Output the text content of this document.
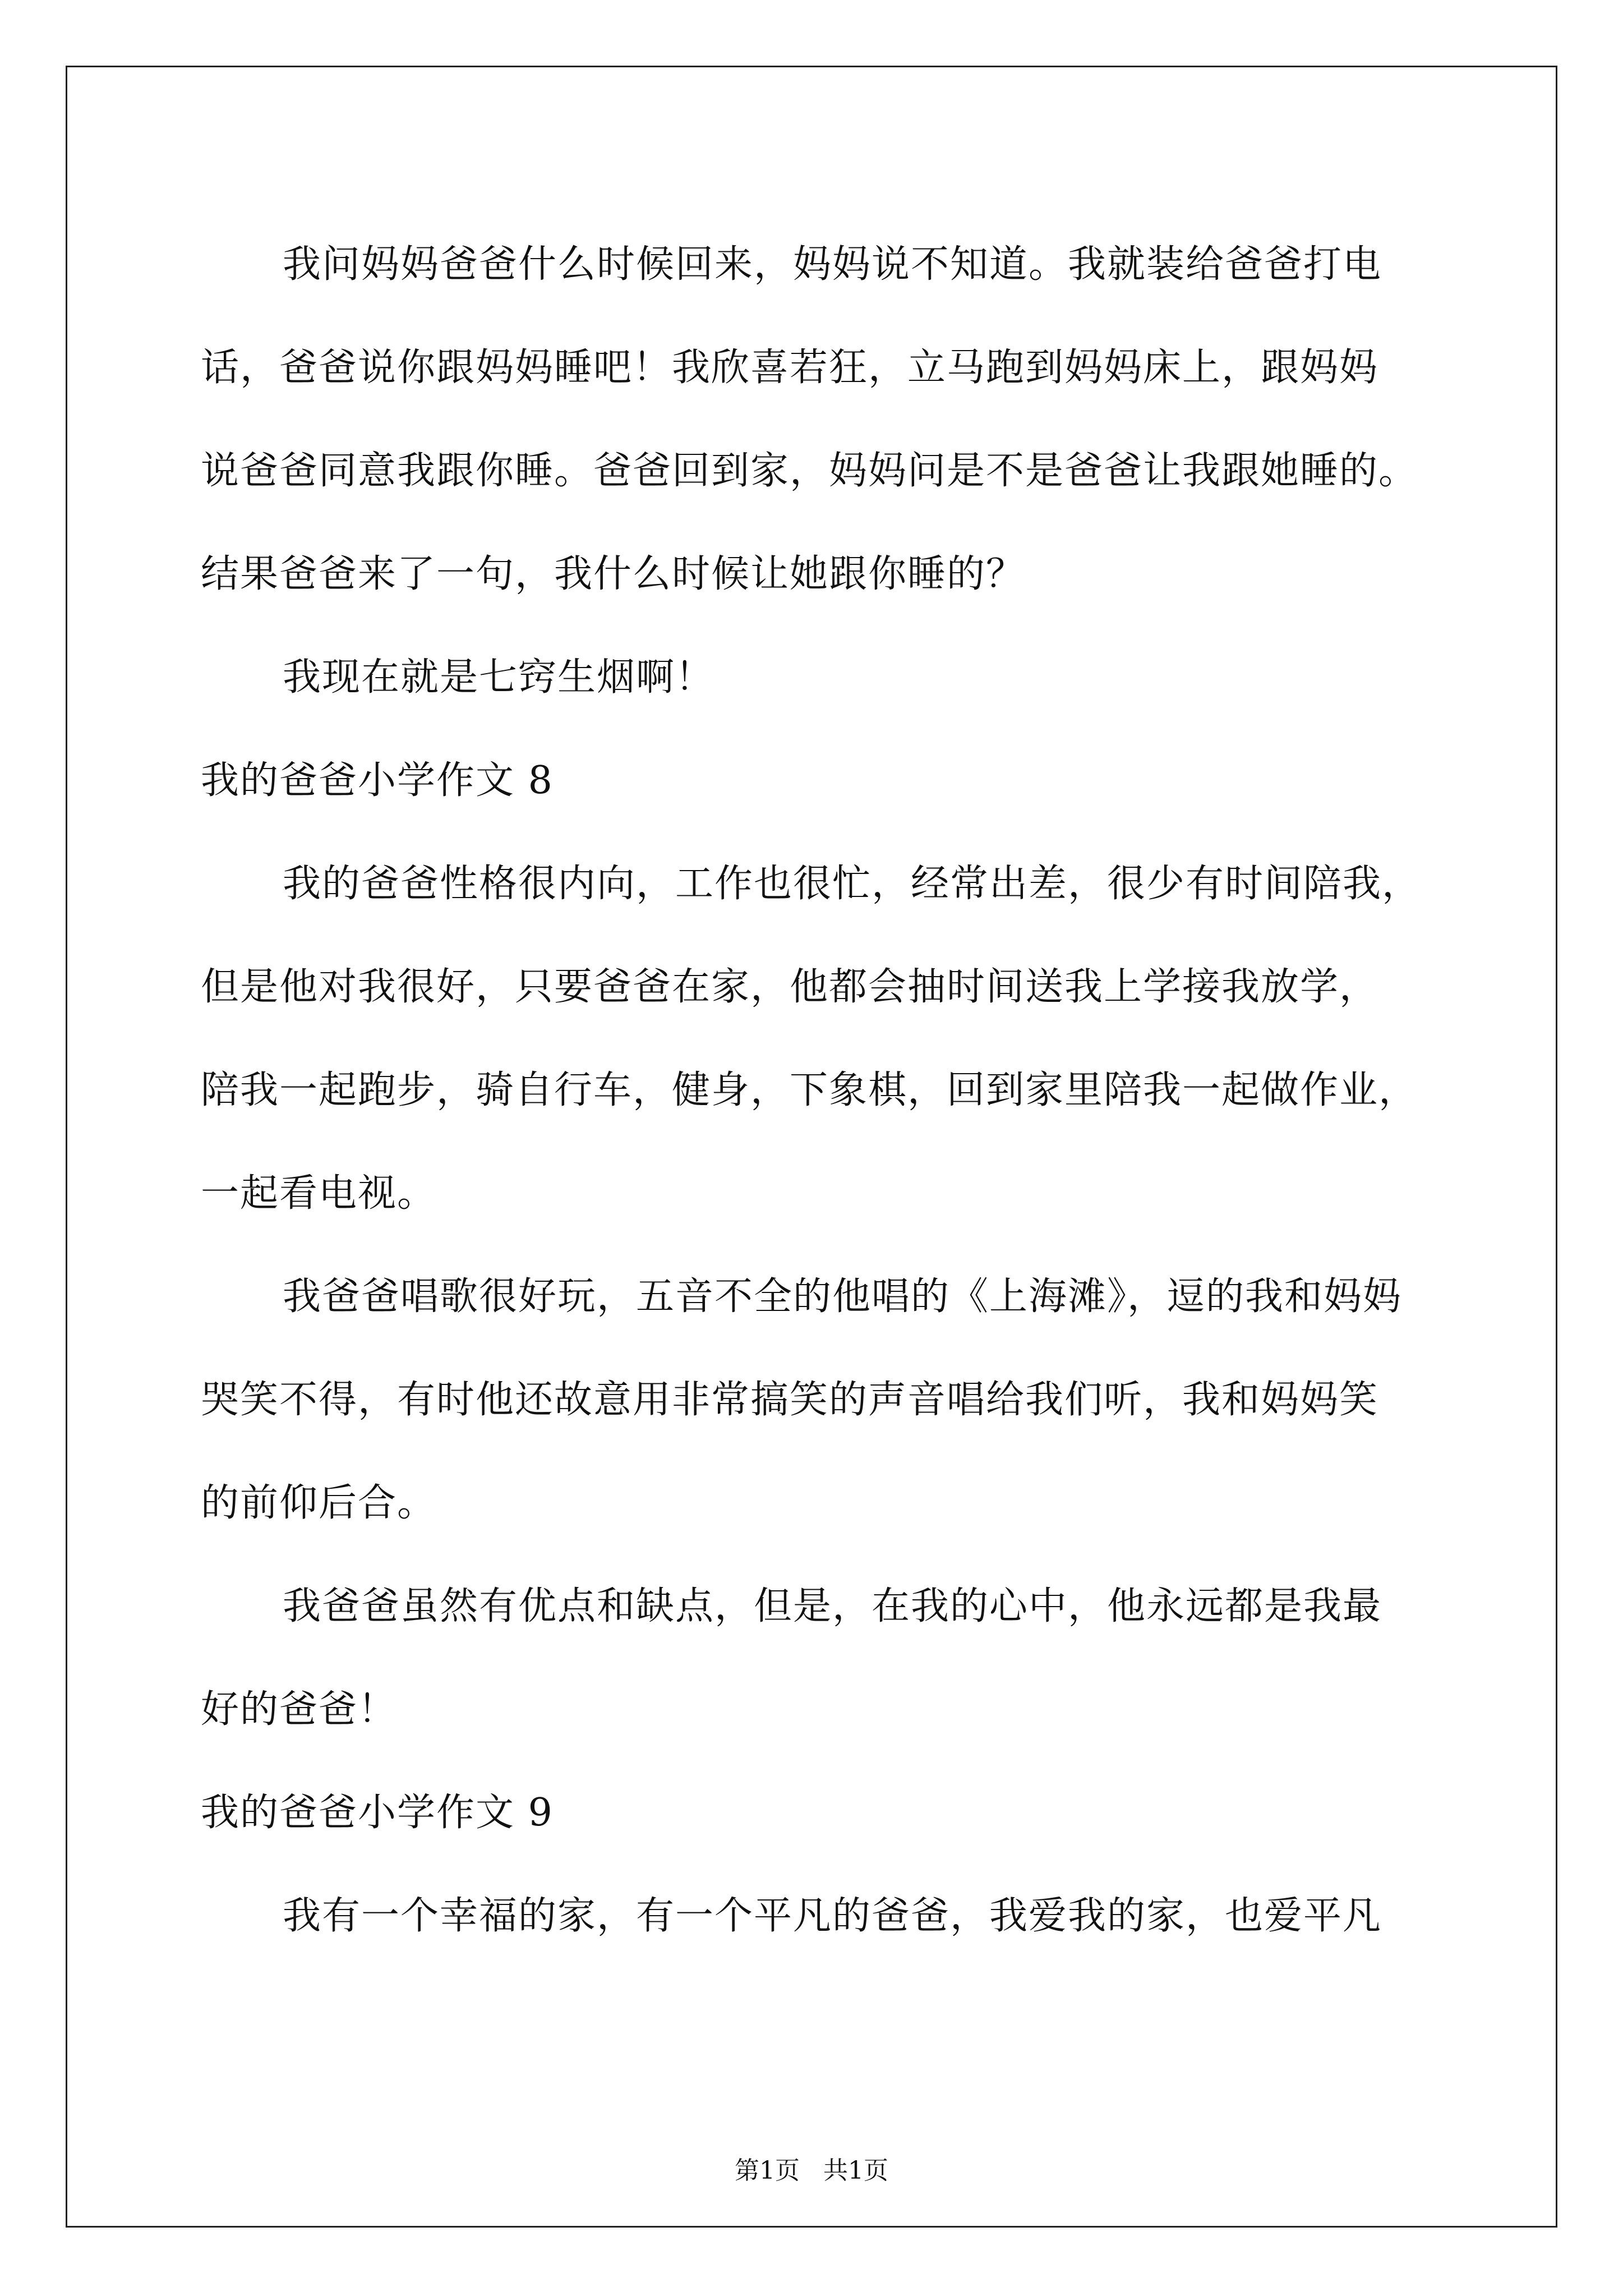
我问妈妈爸爸什么时候回来，妈妈说不知道。我就装给爸爸打电
话，爸爸说你跟妈妈睡吧！我欣喜若狂，立马跑到妈妈床上，跟妈妈
说爸爸同意我跟你睡。爸爸回到家，妈妈问是不是爸爸让我跟她睡的。
结果爸爸来了一句，我什么时候让她跟你睡的？
我现在就是七窍生烟啊！
我的爸爸小学作文 8
我的爸爸性格很内向，工作也很忙，经常出差，很少有时间陪我，
但是他对我很好，只要爸爸在家，他都会抽时间送我上学接我放学，
陪我一起跑步，骑自行车，健身，下象棋，回到家里陪我一起做作业，
一起看电视。
我爸爸唱歌很好玩，五音不全的他唱的《上海滩》，逗的我和妈妈
哭笑不得，有时他还故意用非常搞笑的声音唱给我们听，我和妈妈笑
的前仰后合。
我爸爸虽然有优点和缺点，但是，在我的心中，他永远都是我最
好的爸爸！
我的爸爸小学作文 9
我有一个幸福的家，有一个平凡的爸爸，我爱我的家，也爱平凡
第1页   共1页
